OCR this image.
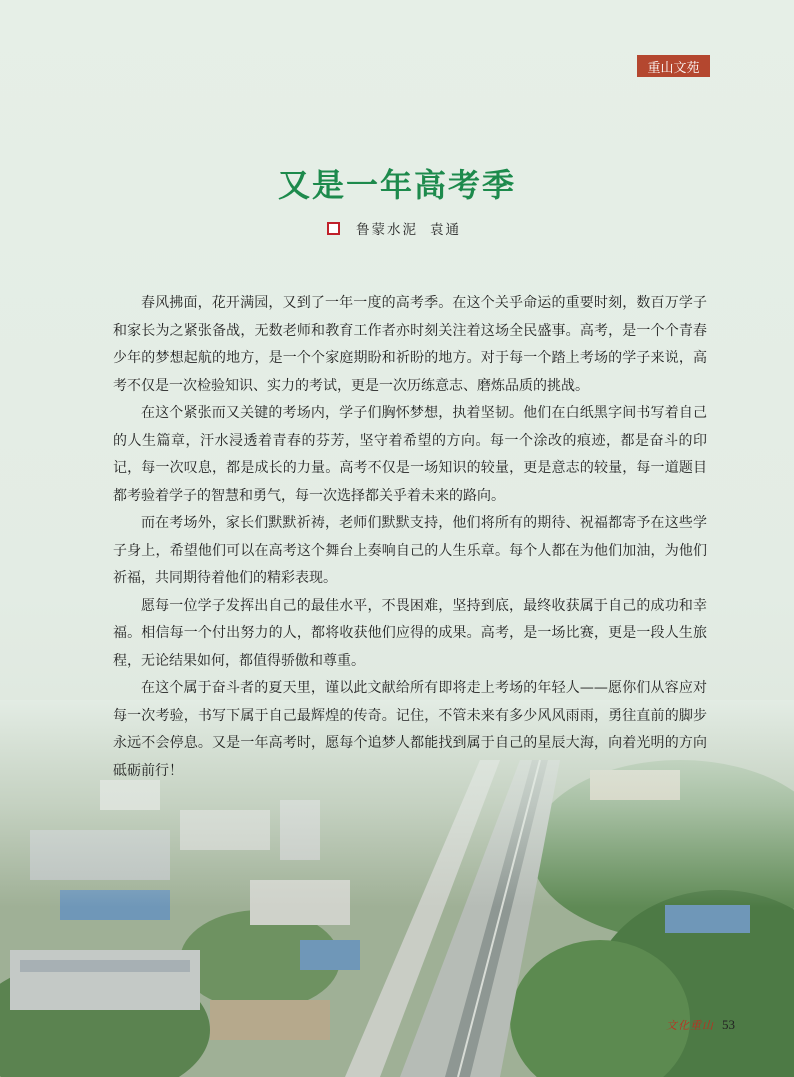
重山文苑
又是一年高考季
鲁蒙水泥 袁通

春风拂面，花开满园，又到了一年一度的高考季。在这个关乎命运的重要时刻，数百万学子和家长为之紧张备战，无数老师和教育工作者亦时刻关注着这场全民盛事。高考，是一个个青春少年的梦想起航的地方，是一个个家庭期盼和祈盼的地方。对于每一个踏上考场的学子来说，高考不仅是一次检验知识、实力的考试，更是一次历练意志、磨炼品质的挑战。

在这个紧张而又关键的考场内，学子们胸怀梦想，执着坚韧。他们在白纸黑字间书写着自己的人生篇章，汗水浸透着青春的芬芳，坚守着希望的方向。每一个涂改的痕迹，都是奋斗的印记，每一次叹息，都是成长的力量。高考不仅是一场知识的较量，更是意志的较量，每一道题目都考验着学子的智慧和勇气，每一次选择都关乎着未来的路向。

而在考场外，家长们默默祈祷，老师们默默支持，他们将所有的期待、祝福都寄予在这些学子身上，希望他们可以在高考这个舞台上奏响自己的人生乐章。每个人都在为他们加油，为他们祈福，共同期待着他们的精彩表现。

愿每一位学子发挥出自己的最佳水平，不畏困难，坚持到底，最终收获属于自己的成功和幸福。相信每一个付出努力的人，都将收获他们应得的成果。高考，是一场比赛，更是一段人生旅程，无论结果如何，都值得骄傲和尊重。

在这个属于奋斗者的夏天里，谨以此文献给所有即将走上考场的年轻人——愿你们从容应对每一次考验，书写下属于自己最辉煌的传奇。记住，不管未来有多少风风雨雨，勇往直前的脚步永远不会停息。又是一年高考时，愿每个追梦人都能找到属于自己的星辰大海，向着光明的方向砥砺前行！

文化重山 53
